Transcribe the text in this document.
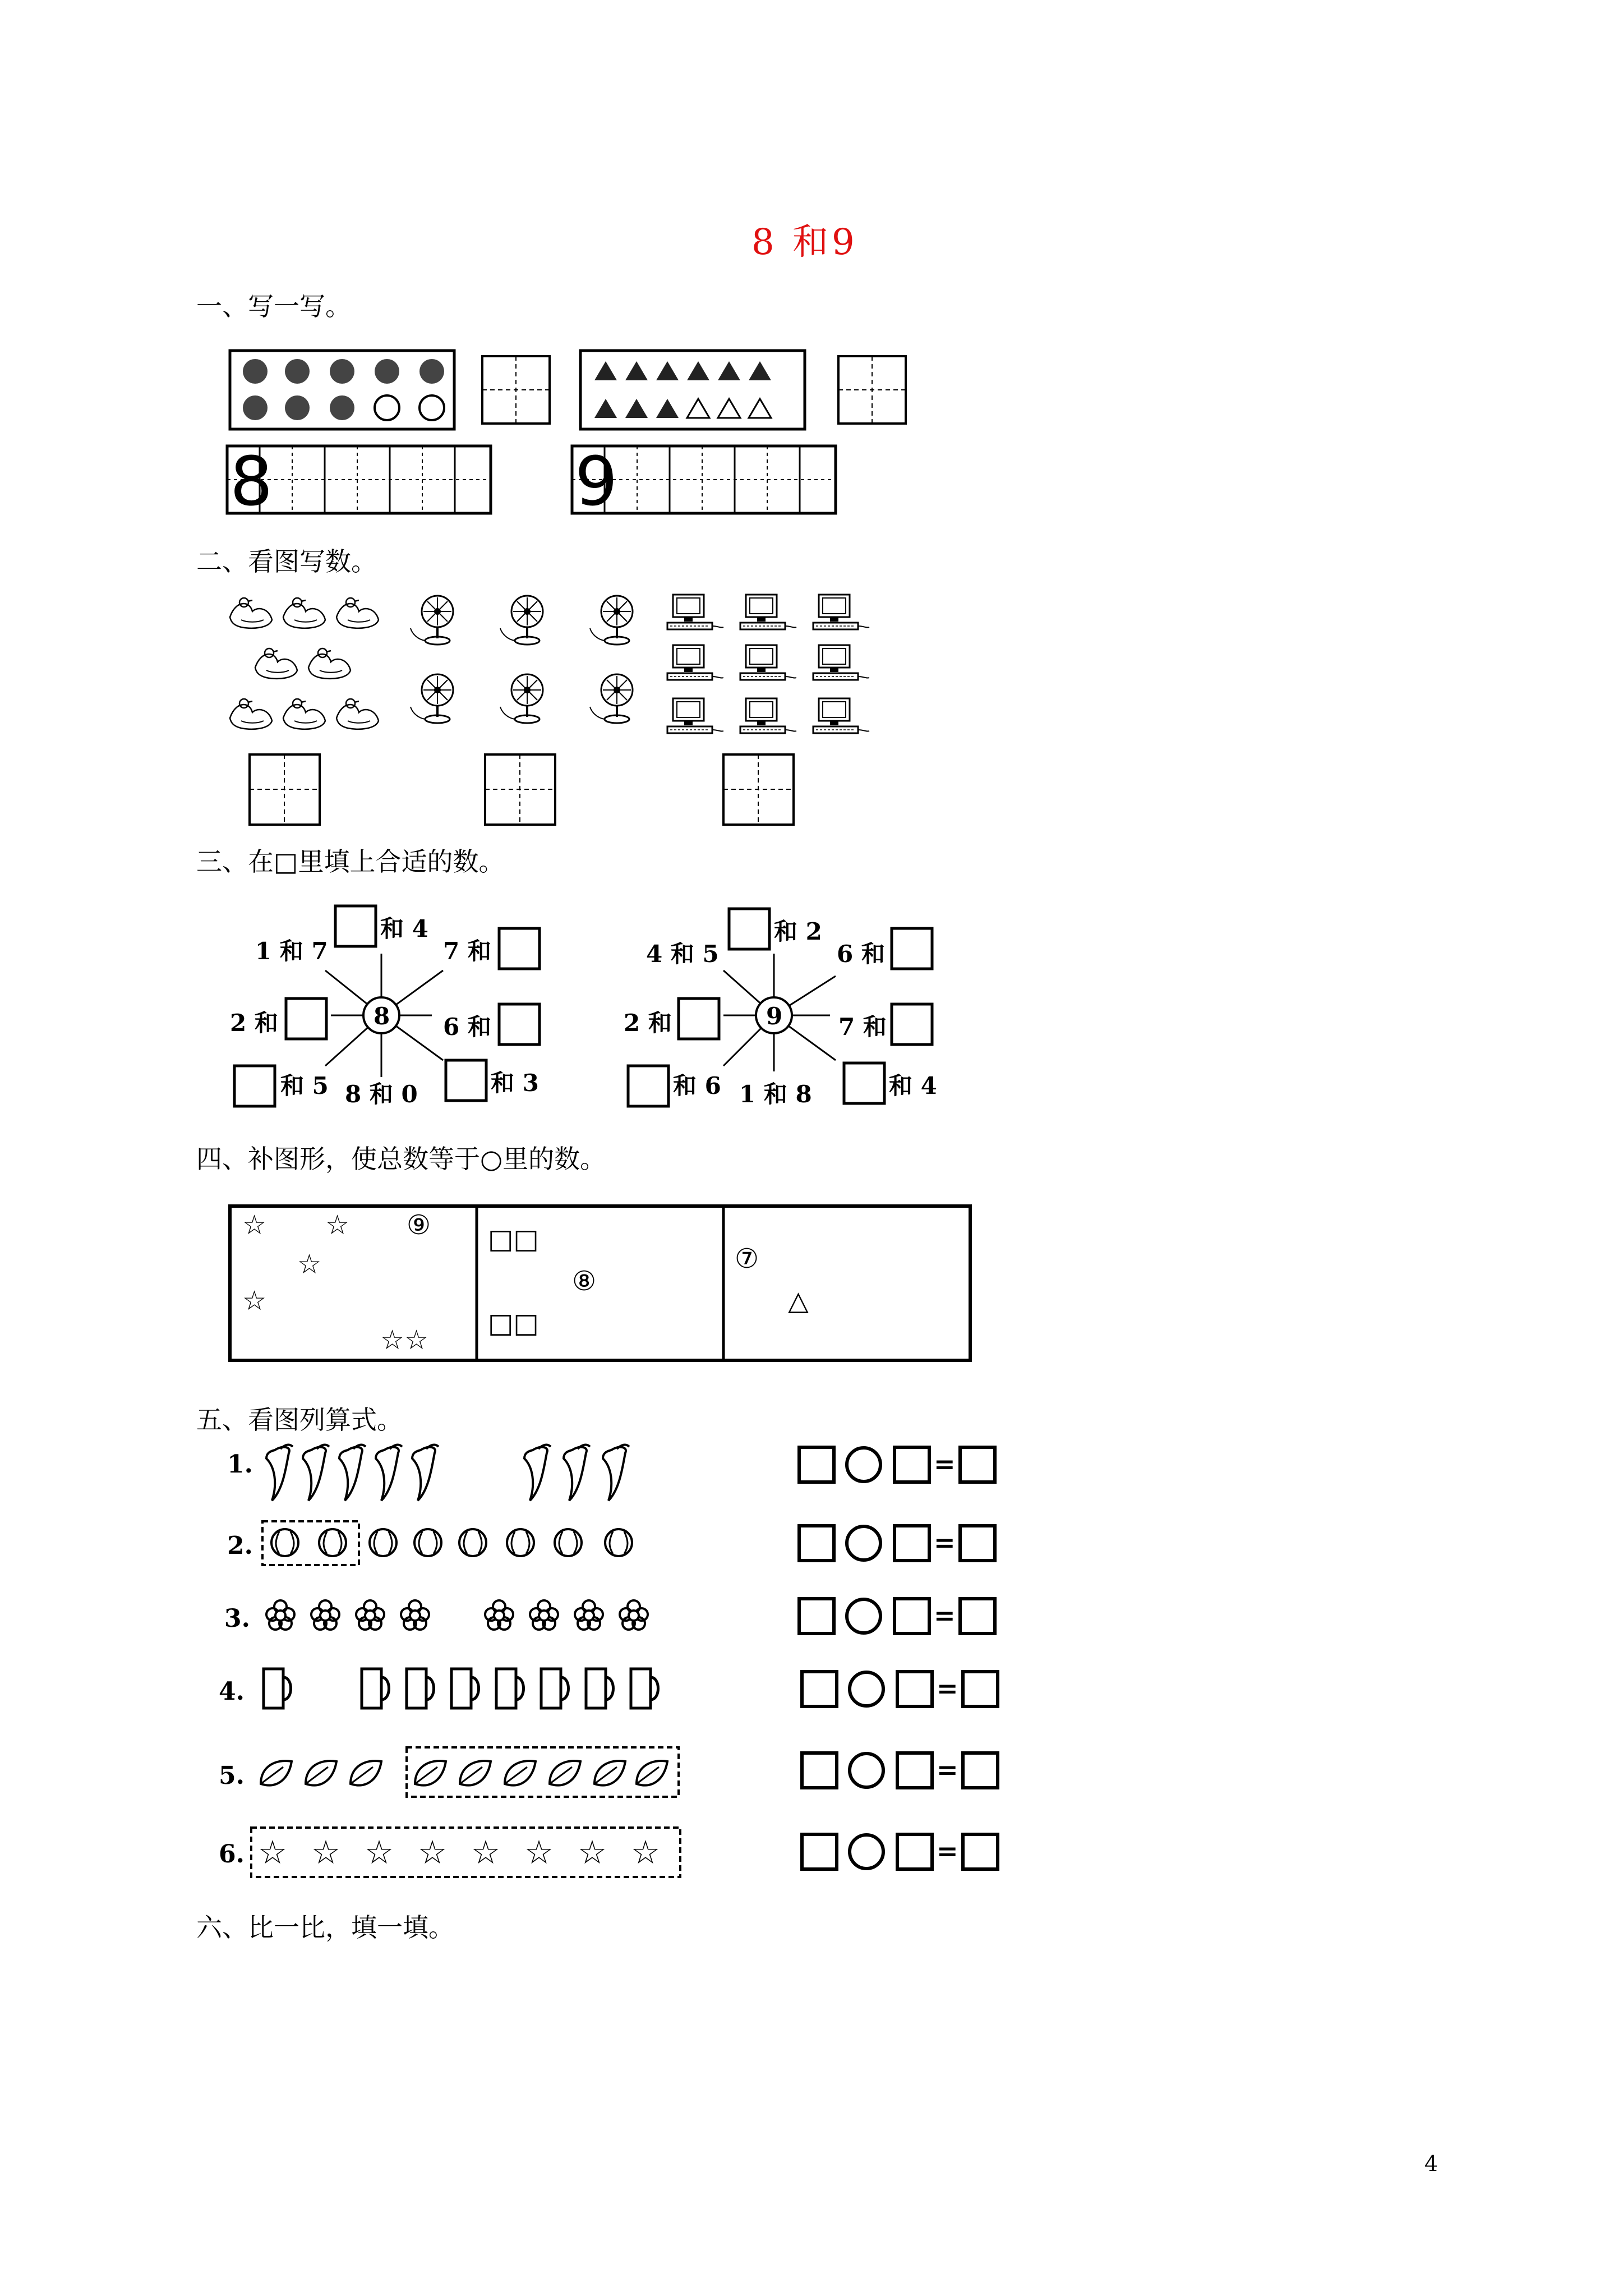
8 和9
一、写一写。
二、看图写数。
三、在□里填上合适的数。
四、补图形，使总数等于○里的数。
五、看图列算式。
六、比一比，填一填。
4
8	9
8
1 和 7
和 4
7 和
2 和	6 和
和 5 8 和 0	和 3
9
4 和 5
和 2
6 和
2 和	7 和
和 6 1 和 8	和 4
☆ ☆
☆
☆
☆☆
⑨ □□
□□
⑧
⑦
△
1.
2.
3.
4.
5.
6. ☆ ☆ ☆ ☆ ☆ ☆ ☆ ☆
=
=
=
=
=
=
